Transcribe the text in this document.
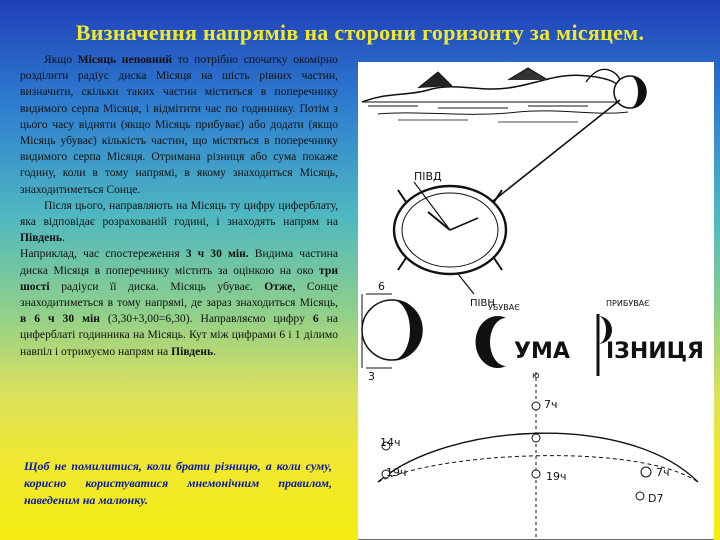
Визначення напрямів на сторони горизонту за місяцем.

Якщо Місяць неповний то потрібно спочатку окомірно розділити радіус диска Місяця на шість рівних частин, визначити, скільки таких частин міститься в поперечнику видимого серпа Місяця, і відмітити час по годиннику. Потім з цього часу відняти (якщо Місяць прибуває) або додати (якщо Місяць убуває) кількість частин, що містяться в поперечнику видимого серпа Місяця. Отримана різниця або сума покаже годину, коли в тому напрямі, в якому знаходиться Місяць, знаходитиметься Сонце.

Після цього, направляють на Місяць ту цифру циферблату, яка відповідає розрахованій годині, і знаходять напрям на Південь.

Наприклад, час спостереження 3 ч 30 мін. Видима частина диска Місяця в поперечнику містить за оцінкою на око три шості радіуси її диска. Місяць убуває. Отже, Сонце знаходитиметься в тому напрямі, де зараз знаходиться Місяць, в 6 ч 30 мін (3,30+3,00=6,30). Направляємо цифру 6 на циферблаті годинника на Місяць. Кут між цифрами 6 і 1 ділимо навпіл і отримуємо напрям на Південь.

Щоб не помилитися, коли брати різницю, а коли суму, корисно користуватися мнемонічним правилом, наведеним на малюнку.
ПІВД
ПІВН
6
3
УБУВАЄ	ПРИБУВАЄ
УМА ІЗНИЦЯ
ю
7ч
14ч
19ч	19ч	7ч
D7
